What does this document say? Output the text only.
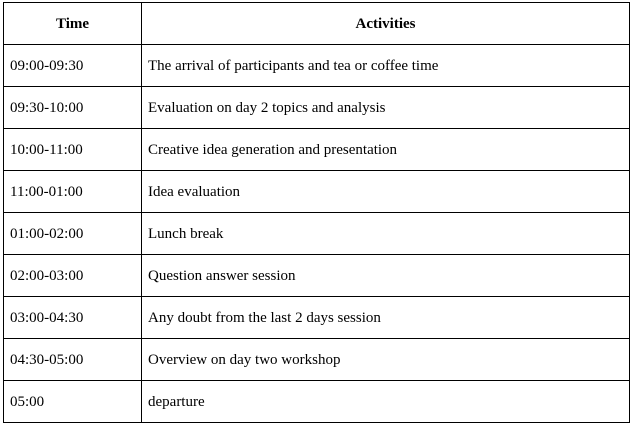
Time	Activities
09:00-09:30	The arrival of participants and tea or coffee time
09:30-10:00	Evaluation on day 2 topics and analysis
10:00-11:00	Creative idea generation and presentation
11:00-01:00	Idea evaluation
01:00-02:00	Lunch break
02:00-03:00	Question answer session
03:00-04:30	Any doubt from the last 2 days session
04:30-05:00	Overview on day two workshop
05:00	departure
